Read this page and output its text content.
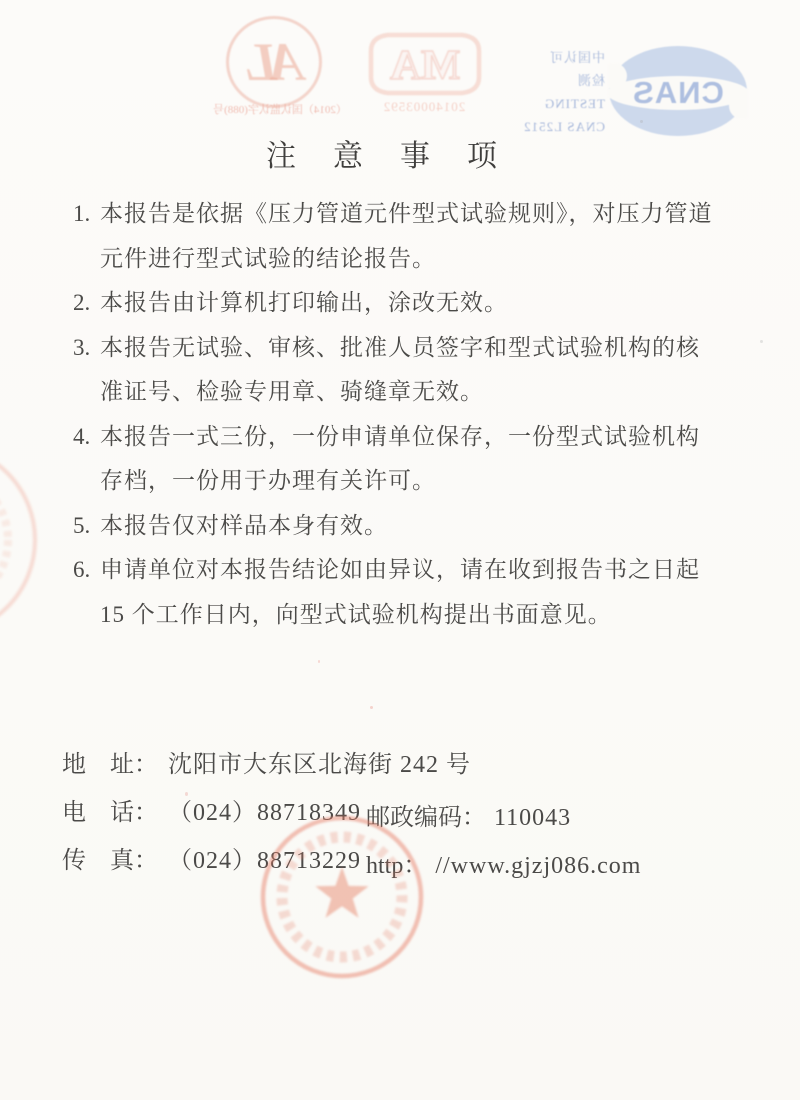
AL
（2014）国认监认字(088)号
MA
20140003592
中国认可
检测
TESTING
CNAS L2512
CNAS
注意事项
1. 本报告是依据《压力管道元件型式试验规则》，对压力管道
元件进行型式试验的结论报告。
2. 本报告由计算机打印输出，涂改无效。
3. 本报告无试验、审核、批准人员签字和型式试验机构的核
准证号、检验专用章、骑缝章无效。
4. 本报告一式三份，一份申请单位保存，一份型式试验机构
存档，一份用于办理有关许可。
5. 本报告仅对样品本身有效。
6. 申请单位对本报告结论如由异议，请在收到报告书之日起
15 个工作日内，向型式试验机构提出书面意见。
地　址： 沈阳市大东区北海街 242 号
电　话： （024）88718349 邮政编码： 110043
传　真： （024）88713229 http： //www.gjzj086.com
